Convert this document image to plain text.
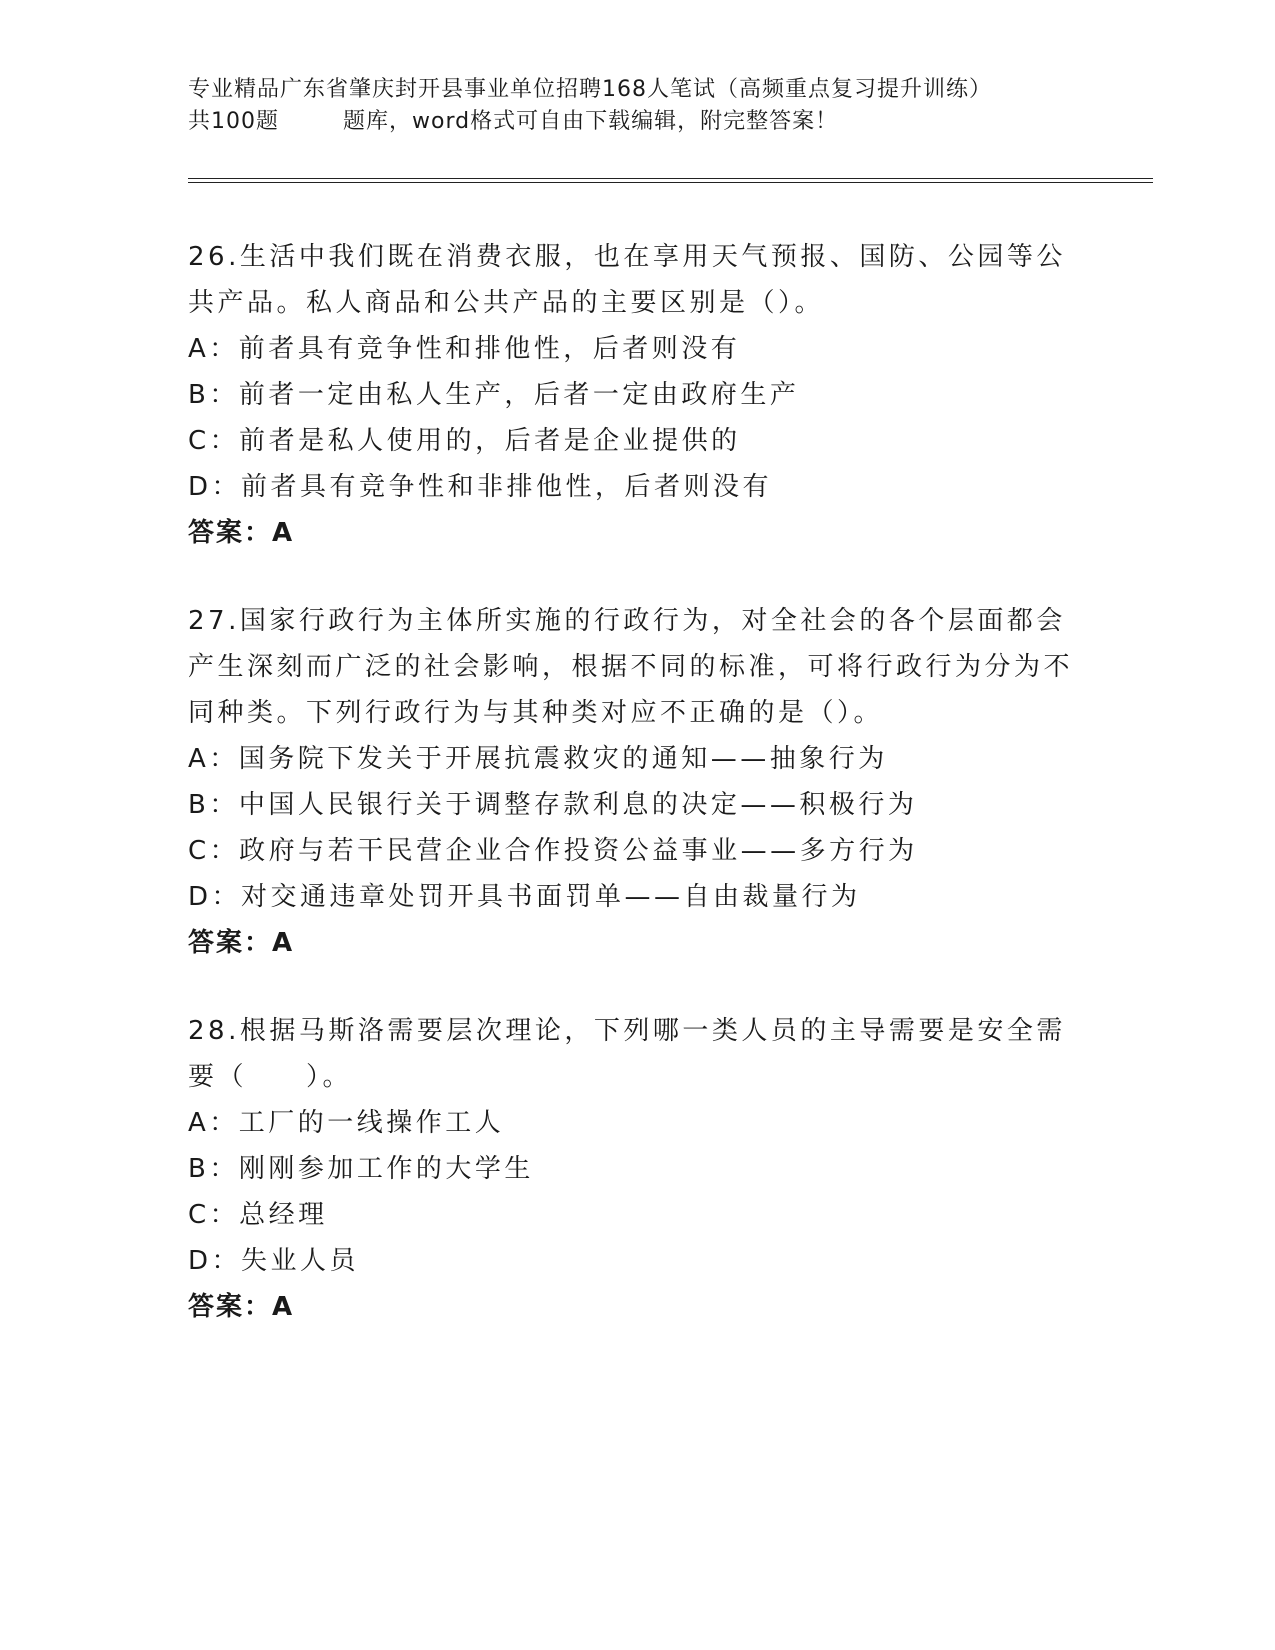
专业精品广东省肇庆封开县事业单位招聘168人笔试（高频重点复习提升训练）
共100题	题库，word格式可自由下载编辑，附完整答案！

26.生活中我们既在消费衣服，也在享用天气预报、国防、公园等公共产品。私人商品和公共产品的主要区别是（）。

A：前者具有竞争性和排他性，后者则没有

B：前者一定由私人生产，后者一定由政府生产

C：前者是私人使用的，后者是企业提供的

D：前者具有竞争性和非排他性，后者则没有

答案：A

27.国家行政行为主体所实施的行政行为，对全社会的各个层面都会产生深刻而广泛的社会影响，根据不同的标准，可将行政行为分为不同种类。下列行政行为与其种类对应不正确的是（）。

A：国务院下发关于开展抗震救灾的通知——抽象行为

B：中国人民银行关于调整存款利息的决定——积极行为

C：政府与若干民营企业合作投资公益事业——多方行为

D：对交通违章处罚开具书面罚单——自由裁量行为

答案：A

28.根据马斯洛需要层次理论，下列哪一类人员的主导需要是安全需要（　　）。

A：工厂的一线操作工人

B：刚刚参加工作的大学生

C：总经理

D：失业人员

答案：A
